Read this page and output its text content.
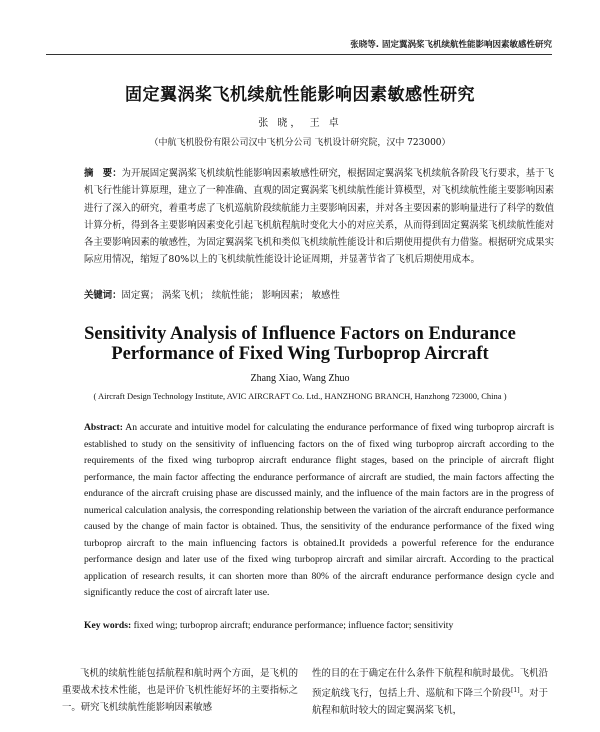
张晓等. 固定翼涡桨飞机续航性能影响因素敏感性研究
固定翼涡桨飞机续航性能影响因素敏感性研究
张 晓， 王 卓
（中航飞机股份有限公司汉中飞机分公司 飞机设计研究院，汉中 723000）
摘　要：为开展固定翼涡桨飞机续航性能影响因素敏感性研究，根据固定翼涡桨飞机续航各阶段飞行要求，基于飞机飞行性能计算原理，建立了一种准确、直观的固定翼涡桨飞机续航性能计算模型，对飞机续航性能主要影响因素进行了深入的研究，着重考虑了飞机巡航阶段续航能力主要影响因素，并对各主要因素的影响量进行了科学的数值计算分析，得到各主要影响因素变化引起飞机航程航时变化大小的对应关系，从而得到固定翼涡桨飞机续航性能对各主要影响因素的敏感性，为固定翼涡桨飞机和类似飞机续航性能设计和后期使用提供有力借鉴。根据研究成果实际应用情况，缩短了80%以上的飞机续航性能设计论证周期，并显著节省了飞机后期使用成本。
关键词：固定翼； 涡桨飞机； 续航性能； 影响因素； 敏感性
Sensitivity Analysis of Influence Factors on Endurance Performance of Fixed Wing Turboprop Aircraft
Zhang Xiao, Wang Zhuo
( Aircraft Design Technology Institute, AVIC AIRCRAFT Co. Ltd., HANZHONG BRANCH, Hanzhong 723000, China )
Abstract: An accurate and intuitive model for calculating the endurance performance of fixed wing turboprop aircraft is established to study on the sensitivity of influencing factors on the of fixed wing turboprop aircraft according to the requirements of the fixed wing turboprop aircraft endurance flight stages, based on the principle of aircraft flight performance, the main factor affecting the endurance performance of aircraft are studied, the main factors affecting the endurance of the aircraft cruising phase are discussed mainly, and the influence of the main factors are in the progress of numerical calculation analysis, the corresponding relationship between the variation of the aircraft endurance performance caused by the change of main factor is obtained. Thus, the sensitivity of the endurance performance of the fixed wing turboprop aircraft to the main influencing factors is obtained.It provideds a powerful reference for the endurance performance design and later use of the fixed wing turboprop aircraft and similar aircraft. According to the practical application of research results, it can shorten more than 80% of the aircraft endurance performance design cycle and significantly reduce the cost of aircraft later use.
Key words: fixed wing; turboprop aircraft; endurance performance; influence factor; sensitivity
飞机的续航性能包括航程和航时两个方面，是飞机的重要战术技术性能，也是评价飞机性能好坏的主要指标之一。研究飞机续航性能影响因素敏感
性的目的在于确定在什么条件下航程和航时最优。飞机沿预定航线飞行，包括上升、巡航和下降三个阶段[1]。对于航程和航时较大的固定翼涡桨飞机，
